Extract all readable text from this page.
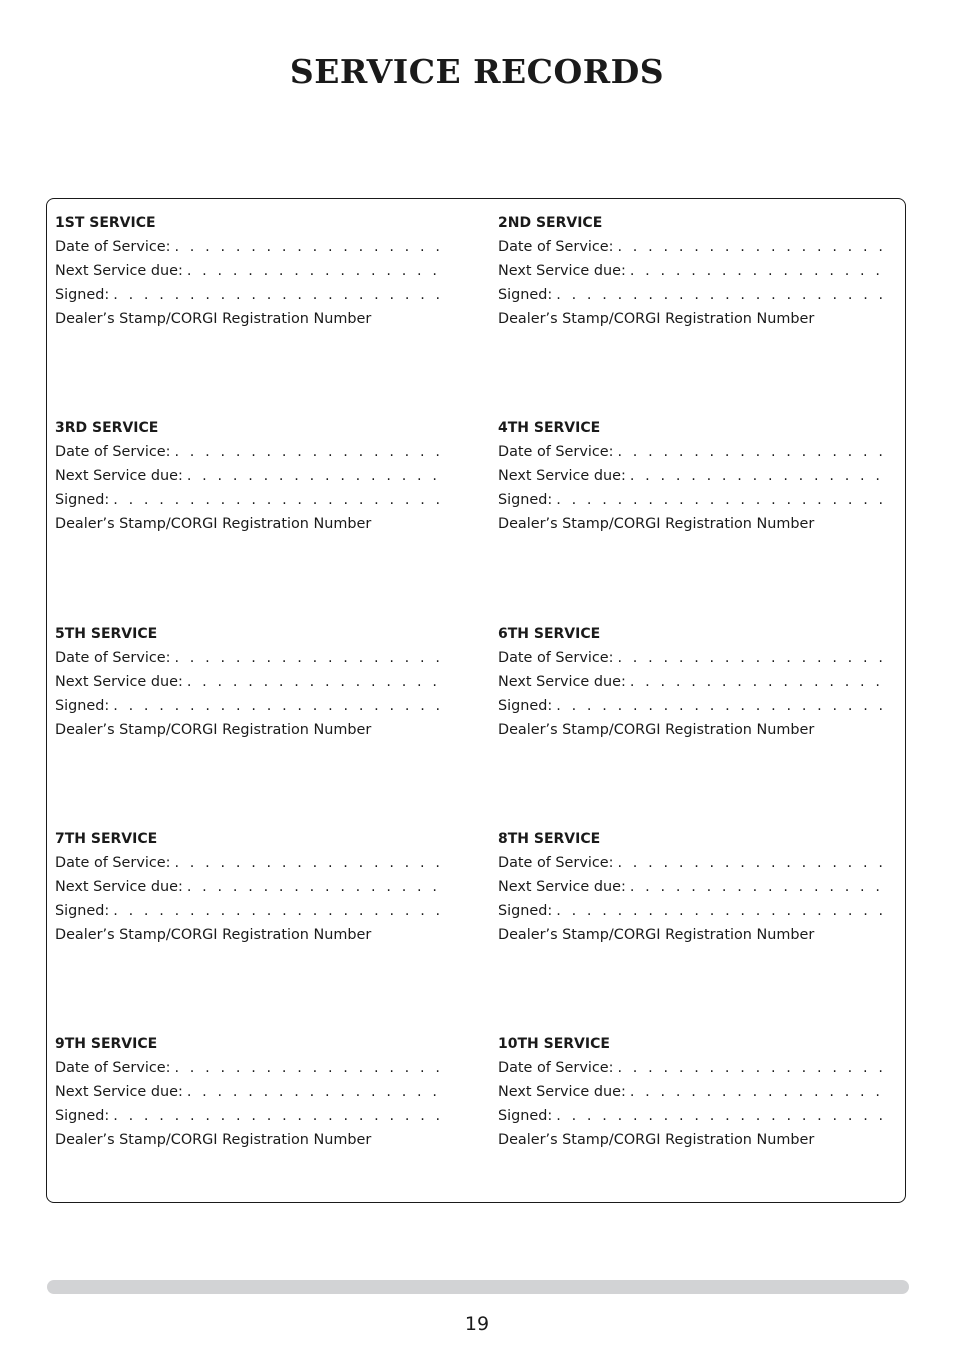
SERVICE RECORDS
1ST SERVICE
Date of Service:
. . .
Next Service due:
. . .
Signed:
. . .
Dealer’s Stamp/CORGI Registration Number
2ND SERVICE
Date of Service:
. . .
Next Service due:
. . .
Signed:
. . .
Dealer’s Stamp/CORGI Registration Number
3RD SERVICE
Date of Service:
. . .
Next Service due:
. . .
Signed:
. . .
Dealer’s Stamp/CORGI Registration Number
4TH SERVICE
Date of Service:
. . .
Next Service due:
. . .
Signed:
. . .
Dealer’s Stamp/CORGI Registration Number
5TH SERVICE
Date of Service:
. . .
Next Service due:
. . .
Signed:
. . .
Dealer’s Stamp/CORGI Registration Number
6TH SERVICE
Date of Service:
. . .
Next Service due:
. . .
Signed:
. . .
Dealer’s Stamp/CORGI Registration Number
7TH SERVICE
Date of Service:
. . .
Next Service due:
. . .
Signed:
. . .
Dealer’s Stamp/CORGI Registration Number
8TH SERVICE
Date of Service:
. . .
Next Service due:
. . .
Signed:
. . .
Dealer’s Stamp/CORGI Registration Number
9TH SERVICE
Date of Service:
. . .
Next Service due:
. . .
Signed:
. . .
Dealer’s Stamp/CORGI Registration Number
10TH SERVICE
Date of Service:
. . .
Next Service due:
. . .
Signed:
. . .
Dealer’s Stamp/CORGI Registration Number
19
